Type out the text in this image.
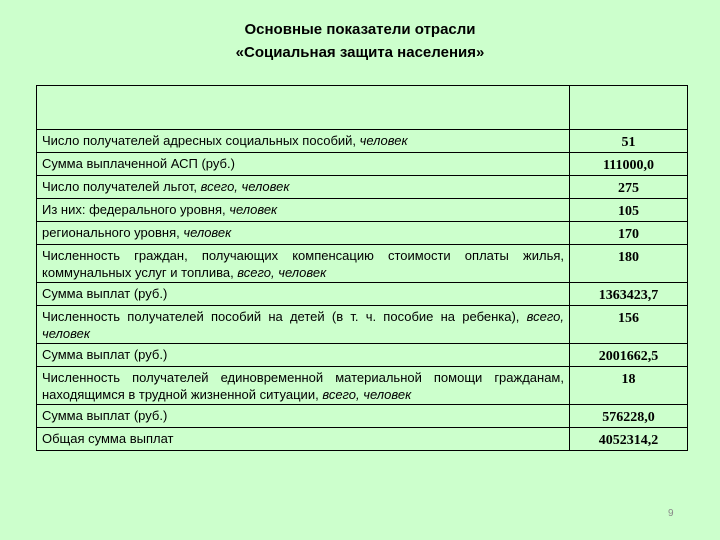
Основные показатели отрасли
«Социальная защита населения»

Число получателей адресных социальных пособий, человек	51
Сумма выплаченной АСП (руб.)	111000,0
Число получателей льгот, всего, человек	275
Из них: федерального уровня, человек	105
регионального уровня, человек	170
Численность граждан, получающих компенсацию стоимости оплаты жилья, коммунальных услуг и топлива, всего, человек	180
Сумма выплат (руб.)	1363423,7
Численность получателей пособий на детей (в т. ч. пособие на ребенка), всего, человек	156
Сумма выплат (руб.)	2001662,5
Численность получателей единовременной материальной помощи гражданам, находящимся в трудной жизненной ситуации, всего, человек	18
Сумма выплат (руб.)	576228,0
Общая сумма выплат	4052314,2
9
